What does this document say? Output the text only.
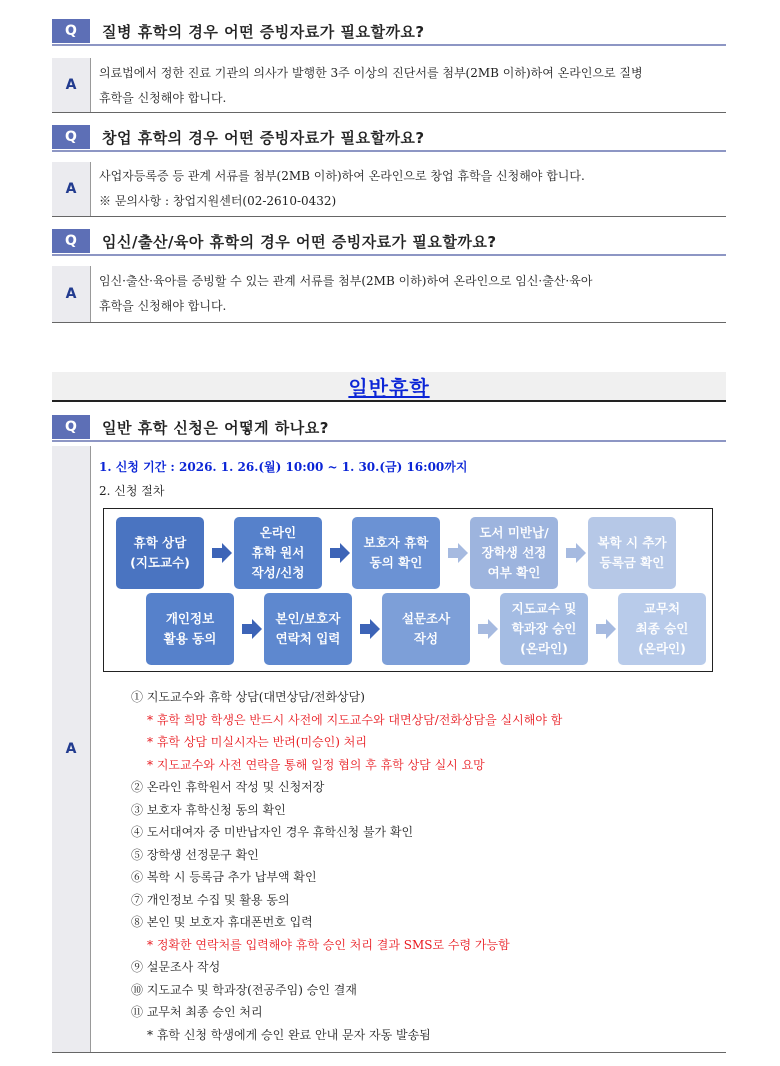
Q	질병 휴학의 경우 어떤 증빙자료가 필요할까요?
A
의료법에서 정한 진료 기관의 의사가 발행한 3주 이상의 진단서를 첨부(2MB 이하)하여 온라인으로 질병
휴학을 신청해야 합니다.
Q	창업 휴학의 경우 어떤 증빙자료가 필요할까요?
A
사업자등록증 등 관계 서류를 첨부(2MB 이하)하여 온라인으로 창업 휴학을 신청해야 합니다.
※ 문의사항 : 창업지원센터(02-2610-0432)
Q	임신/출산/육아 휴학의 경우 어떤 증빙자료가 필요할까요?
A
임신·출산·육아를 증빙할 수 있는 관계 서류를 첨부(2MB 이하)하여 온라인으로 임신·출산·육아
휴학을 신청해야 합니다.
일반휴학
Q	일반 휴학 신청은 어떻게 하나요?
A
1. 신청 기간 : 2026. 1. 26.(월) 10:00 ~ 1. 30.(금) 16:00까지
2. 신청 절차
휴학 상담
(지도교수)
온라인
휴학 원서
작성/신청
보호자 휴학
동의 확인
도서 미반납/
장학생 선정
여부 확인
복학 시 추가
등록금 확인
개인정보
활용 동의
본인/보호자
연락처 입력
설문조사
작성
지도교수 및
학과장 승인
(온라인)
교무처
최종 승인
(온라인)
① 지도교수와 휴학 상담(대면상담/전화상담)
* 휴학 희망 학생은 반드시 사전에 지도교수와 대면상담/전화상담을 실시해야 함
* 휴학 상담 미실시자는 반려(미승인) 처리
* 지도교수와 사전 연락을 통해 일정 협의 후 휴학 상담 실시 요망
② 온라인 휴학원서 작성 및 신청저장
③ 보호자 휴학신청 동의 확인
④ 도서대여자 중 미반납자인 경우 휴학신청 불가 확인
⑤ 장학생 선정문구 확인
⑥ 복학 시 등록금 추가 납부액 확인
⑦ 개인정보 수집 및 활용 동의
⑧ 본인 및 보호자 휴대폰번호 입력
* 정확한 연락처를 입력해야 휴학 승인 처리 결과 SMS로 수령 가능함
⑨ 설문조사 작성
⑩ 지도교수 및 학과장(전공주임) 승인 결재
⑪ 교무처 최종 승인 처리
* 휴학 신청 학생에게 승인 완료 안내 문자 자동 발송됨
